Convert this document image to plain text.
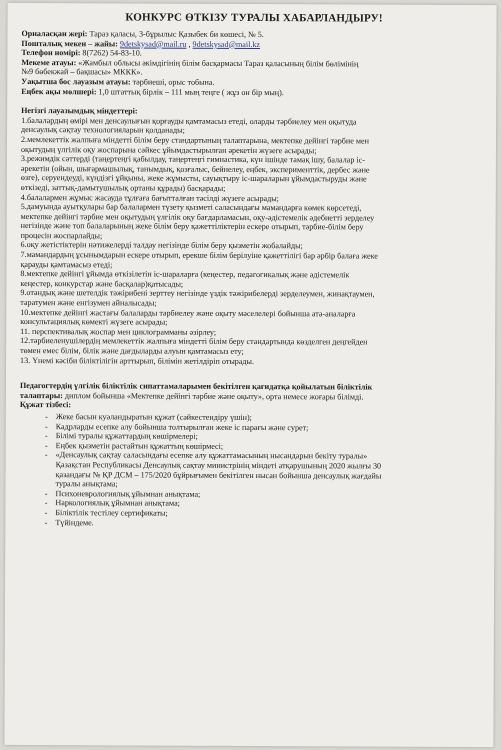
КОНКУРС ӨТКІЗУ ТУРАЛЫ ХАБАРЛАНДЫРУ!
Орналасқан жері: Тараз қаласы, 3-бұрылыс Қазыбек би көшесі, № 5.
Пошталық мекен – жайы: 9detskysad@mail.ru , 9detskysad@mail.kz
Телефон номірі: 8(7262) 54-83-10.
Мекеме атауы: «Жамбыл облысы әкімдігінің білім басқармасы Тараз қаласының білім бөлімінің
№9 бөбекжай – бақшасы» МККК».
Уақытша бос лауазым атауы: тәрбиеші, орыс тобына.
Еңбек ақы мөлшері: 1,0 штаттық бірлік – 111 мың теңге ( жұз он бір мың).
Негізгі лауазымдық міндеттері:
1.балалардың өмірі мен денсаулығын қорғауды қамтамасыз етеді, оларды тәрбиелеу мен оқытуда
денсаулық сақтау технологияларын қолданады;
2.мемлекеттік жалпыға міндетті білім беру стандартының талаптарына, мектепке дейінгі тәрбие мен
оқытудың үлгілік оқу жоспарына сәйкес ұйымдастырылған әрекетін жүзеге асырады;
3.режимдік сәттерді (таңертеңгі қабылдау, таңертеңгі гимнастика, күн ішінде тамақ ішу, балалар іс-
әрекетін (ойын, шығармашылық, танымдық, қозғалыс, бейнелеу, еңбек, эксперименттік, дербес және
өзге), серуендеуді, күндізгі ұйқыны, жеке жұмысты, сауықтыру іс-шараларын ұйымдастыруды және
өткізеді, заттық-дамытушылық ортаны құрады) басқарады;
4.балалармен жұмыс жасауда тұлғаға бағытталған тәсілді жүзеге асырады;
5.дамуында ауытқулары бар балалармен түзету қызметі саласындағы мамандарға көмек көрсетеді,
мектепке дейінгі тәрбие мен оқытудың үлгілік оқу бағдарламасын, оқу-әдістемелік әдебиетті зерделеу
негізінде және топ балаларының жеке білім беру қажеттіліктерін ескере отырып, тәрбие-білім беру
процесін жоспарлайды;
6.оқу жетістіктерін нәтижелерді талдау негізінде білім беру қызметін жобалайды;
7.мамандардың ұсынымдарын ескере отырып, ерекше білім берілуіне қажеттілігі бар әрбір балаға жеке
қарауды қамтамасыз етеді;
8.мектепке дейінгі ұйымда өткізілетін іс-шараларға (кеңестер, педагогикалық және әдістемелік
кеңестер, конкурстар және басқалар)қатысады;
9.отандық және шетелдік тәжірибені зерттеу негізінде үздік тәжірибелерді зерделеумен, жинақтаумен,
таратумен және енгізумен айналысады;
10.мектепке дейінгі жастағы балаларды тәрбиелеу және оқыту мәселелері бойынша ата-аналарға
консультациялық көмекті жүзеге асырады;
11. перспективалық жоспар мен циклограмманы әзірлеу;
12.тәрбиеленушілердің мемлекеттік жалпыға міндетті білім беру стандартында көзделген деңгейден
төмен емес білім, білік және дағдыларды алуын қамтамасыз ету;
13. Үнемі кәсіби біліктілігін арттырып, білімін жетілдіріп отырады.
Педагогтердің үлгілік біліктілік сипаттамаларымен бекітілген қағидатқа қойылатын біліктілік
талаптары: диплом бойынша «Мектепке дейінгі тәрбие және оқыту», орта немесе жоғары білімді.
Құжат тізбесі:
- Жеке басын куәландыратын құжат (сәйкестендіру үшін);
- Кадрларды есепке алу бойынша толтырылған жеке іс парағы және сурет;
- Білімі туралы құжаттардың көшірмелері;
- Еңбек қызметін растайтын құжаттың көшірмесі;
- «Денсаулық сақтау саласындағы есепке алу құжаттамасының нысандарын бекіту туралы»
Қазақстан Республикасы Денсаулық сақтау министрінің міндеті атқарушының 2020 жылғы 30
қазандағы № ҚР ДСМ – 175/2020 бұйрығымен бекітілген нысан бойынша денсаулық жағдайы
туралы анықтама;
- Психоневрологиялық ұйымнан анықтама;
- Наркологиялық ұйымнан анықтама;
- Біліктілік тестілеу сертификаты;
- Түйіндеме.
